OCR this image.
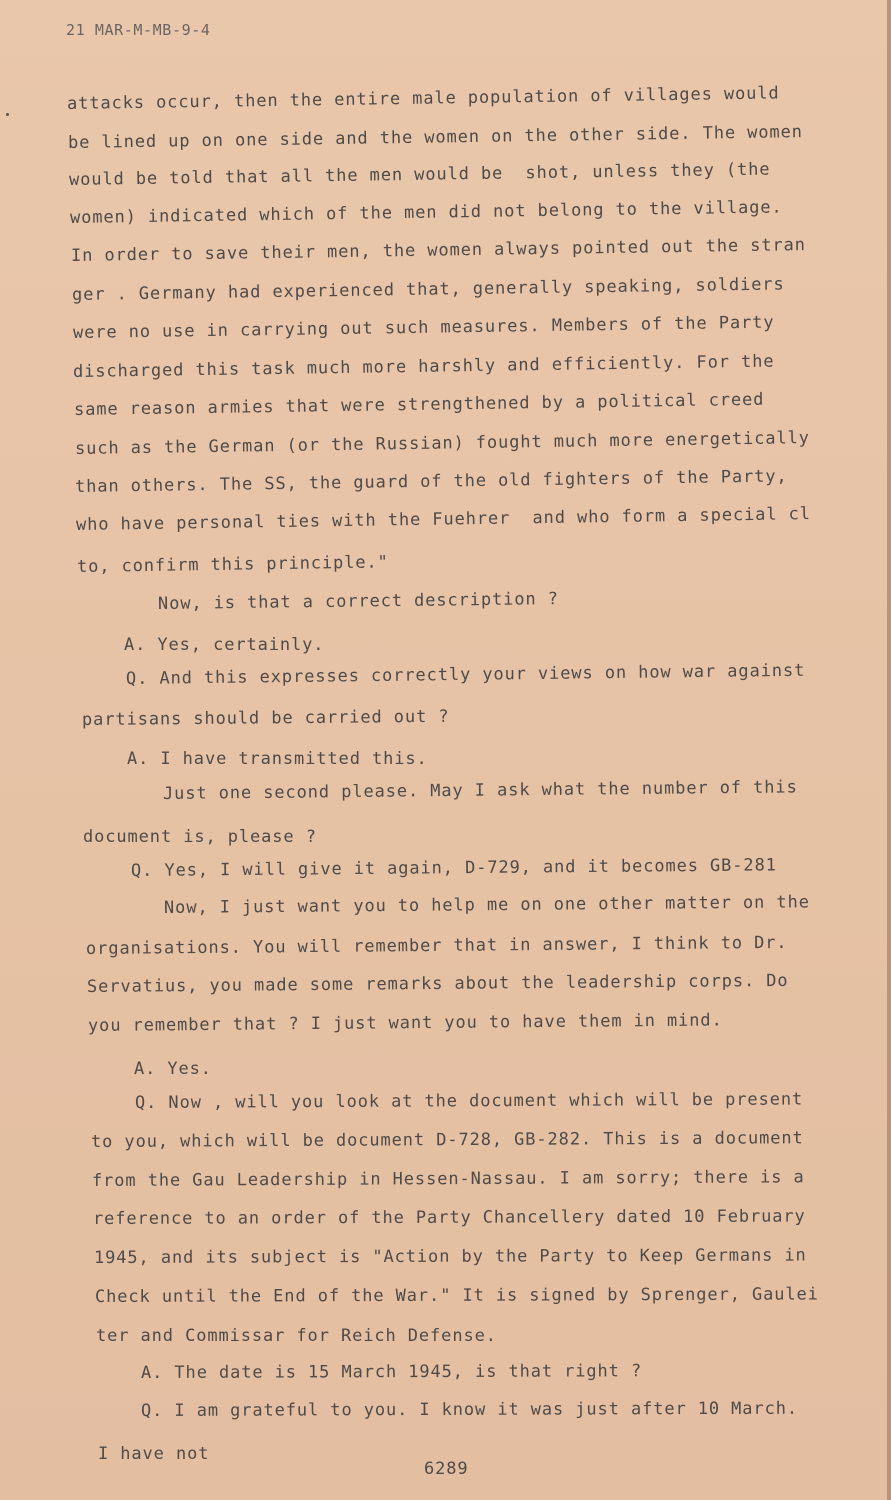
21 MAR-M-MB-9-4
attacks occur, then the entire male population of villages would
be lined up on one side and the women on the other side. The women
would be told that all the men would be  shot, unless they (the
women) indicated which of the men did not belong to the village.
In order to save their men, the women always pointed out the stran
ger . Germany had experienced that, generally speaking, soldiers
were no use in carrying out such measures. Members of the Party
discharged this task much more harshly and efficiently. For the
same reason armies that were strengthened by a political creed
such as the German (or the Russian) fought much more energetically
than others. The SS, the guard of the old fighters of the Party,
who have personal ties with the Fuehrer  and who form a special cl
to, confirm this principle."
Now, is that a correct description ?
A. Yes, certainly.
Q. And this expresses correctly your views on how war against
partisans should be carried out ?
A. I have transmitted this.
Just one second please. May I ask what the number of this
document is, please ?
Q. Yes, I will give it again, D-729, and it becomes GB-281
Now, I just want you to help me on one other matter on the
organisations. You will remember that in answer, I think to Dr.
Servatius, you made some remarks about the leadership corps. Do
you remember that ? I just want you to have them in mind.
A. Yes.
Q. Now , will you look at the document which will be present
to you, which will be document D-728, GB-282. This is a document
from the Gau Leadership in Hessen-Nassau. I am sorry; there is a
reference to an order of the Party Chancellery dated 10 February
1945, and its subject is "Action by the Party to Keep Germans in
Check until the End of the War." It is signed by Sprenger, Gaulei
ter and Commissar for Reich Defense.
A. The date is 15 March 1945, is that right ?
Q. I am grateful to you. I know it was just after 10 March.
I have not
6289
